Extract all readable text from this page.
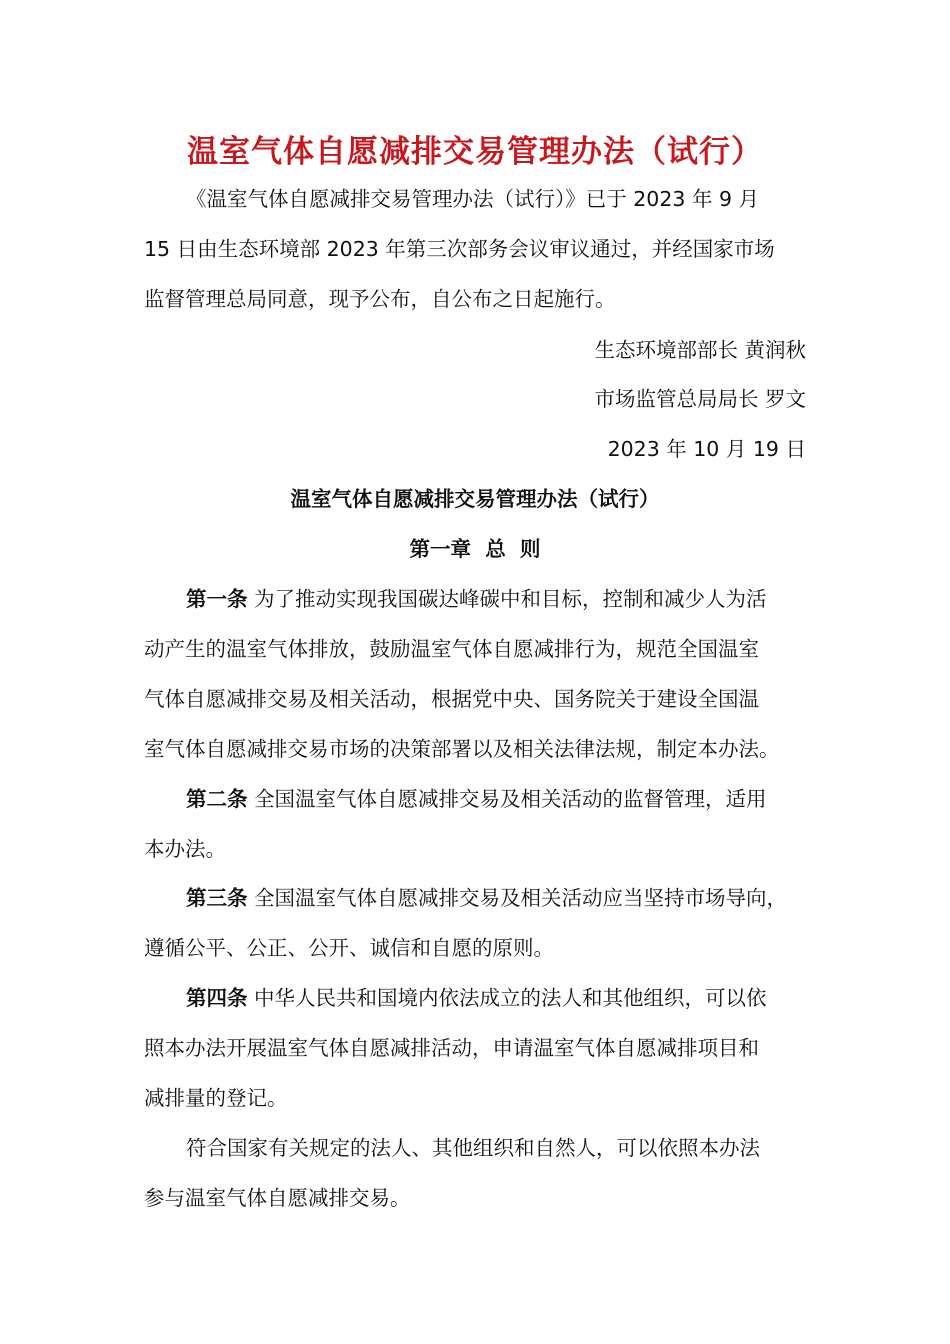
温室气体自愿减排交易管理办法（试行）
《温室气体自愿减排交易管理办法（试行）》已于 2023 年 9 月
15 日由生态环境部 2023 年第三次部务会议审议通过，并经国家市场
监督管理总局同意，现予公布，自公布之日起施行。
生态环境部部长 黄润秋
市场监管总局局长 罗文
2023 年 10 月 19 日
温室气体自愿减排交易管理办法（试行）
第一章  总  则
第一条 为了推动实现我国碳达峰碳中和目标，控制和减少人为活
动产生的温室气体排放，鼓励温室气体自愿减排行为，规范全国温室
气体自愿减排交易及相关活动，根据党中央、国务院关于建设全国温
室气体自愿减排交易市场的决策部署以及相关法律法规，制定本办法。
第二条 全国温室气体自愿减排交易及相关活动的监督管理，适用
本办法。
第三条 全国温室气体自愿减排交易及相关活动应当坚持市场导向，
遵循公平、公正、公开、诚信和自愿的原则。
第四条 中华人民共和国境内依法成立的法人和其他组织，可以依
照本办法开展温室气体自愿减排活动，申请温室气体自愿减排项目和
减排量的登记。
符合国家有关规定的法人、其他组织和自然人，可以依照本办法
参与温室气体自愿减排交易。
